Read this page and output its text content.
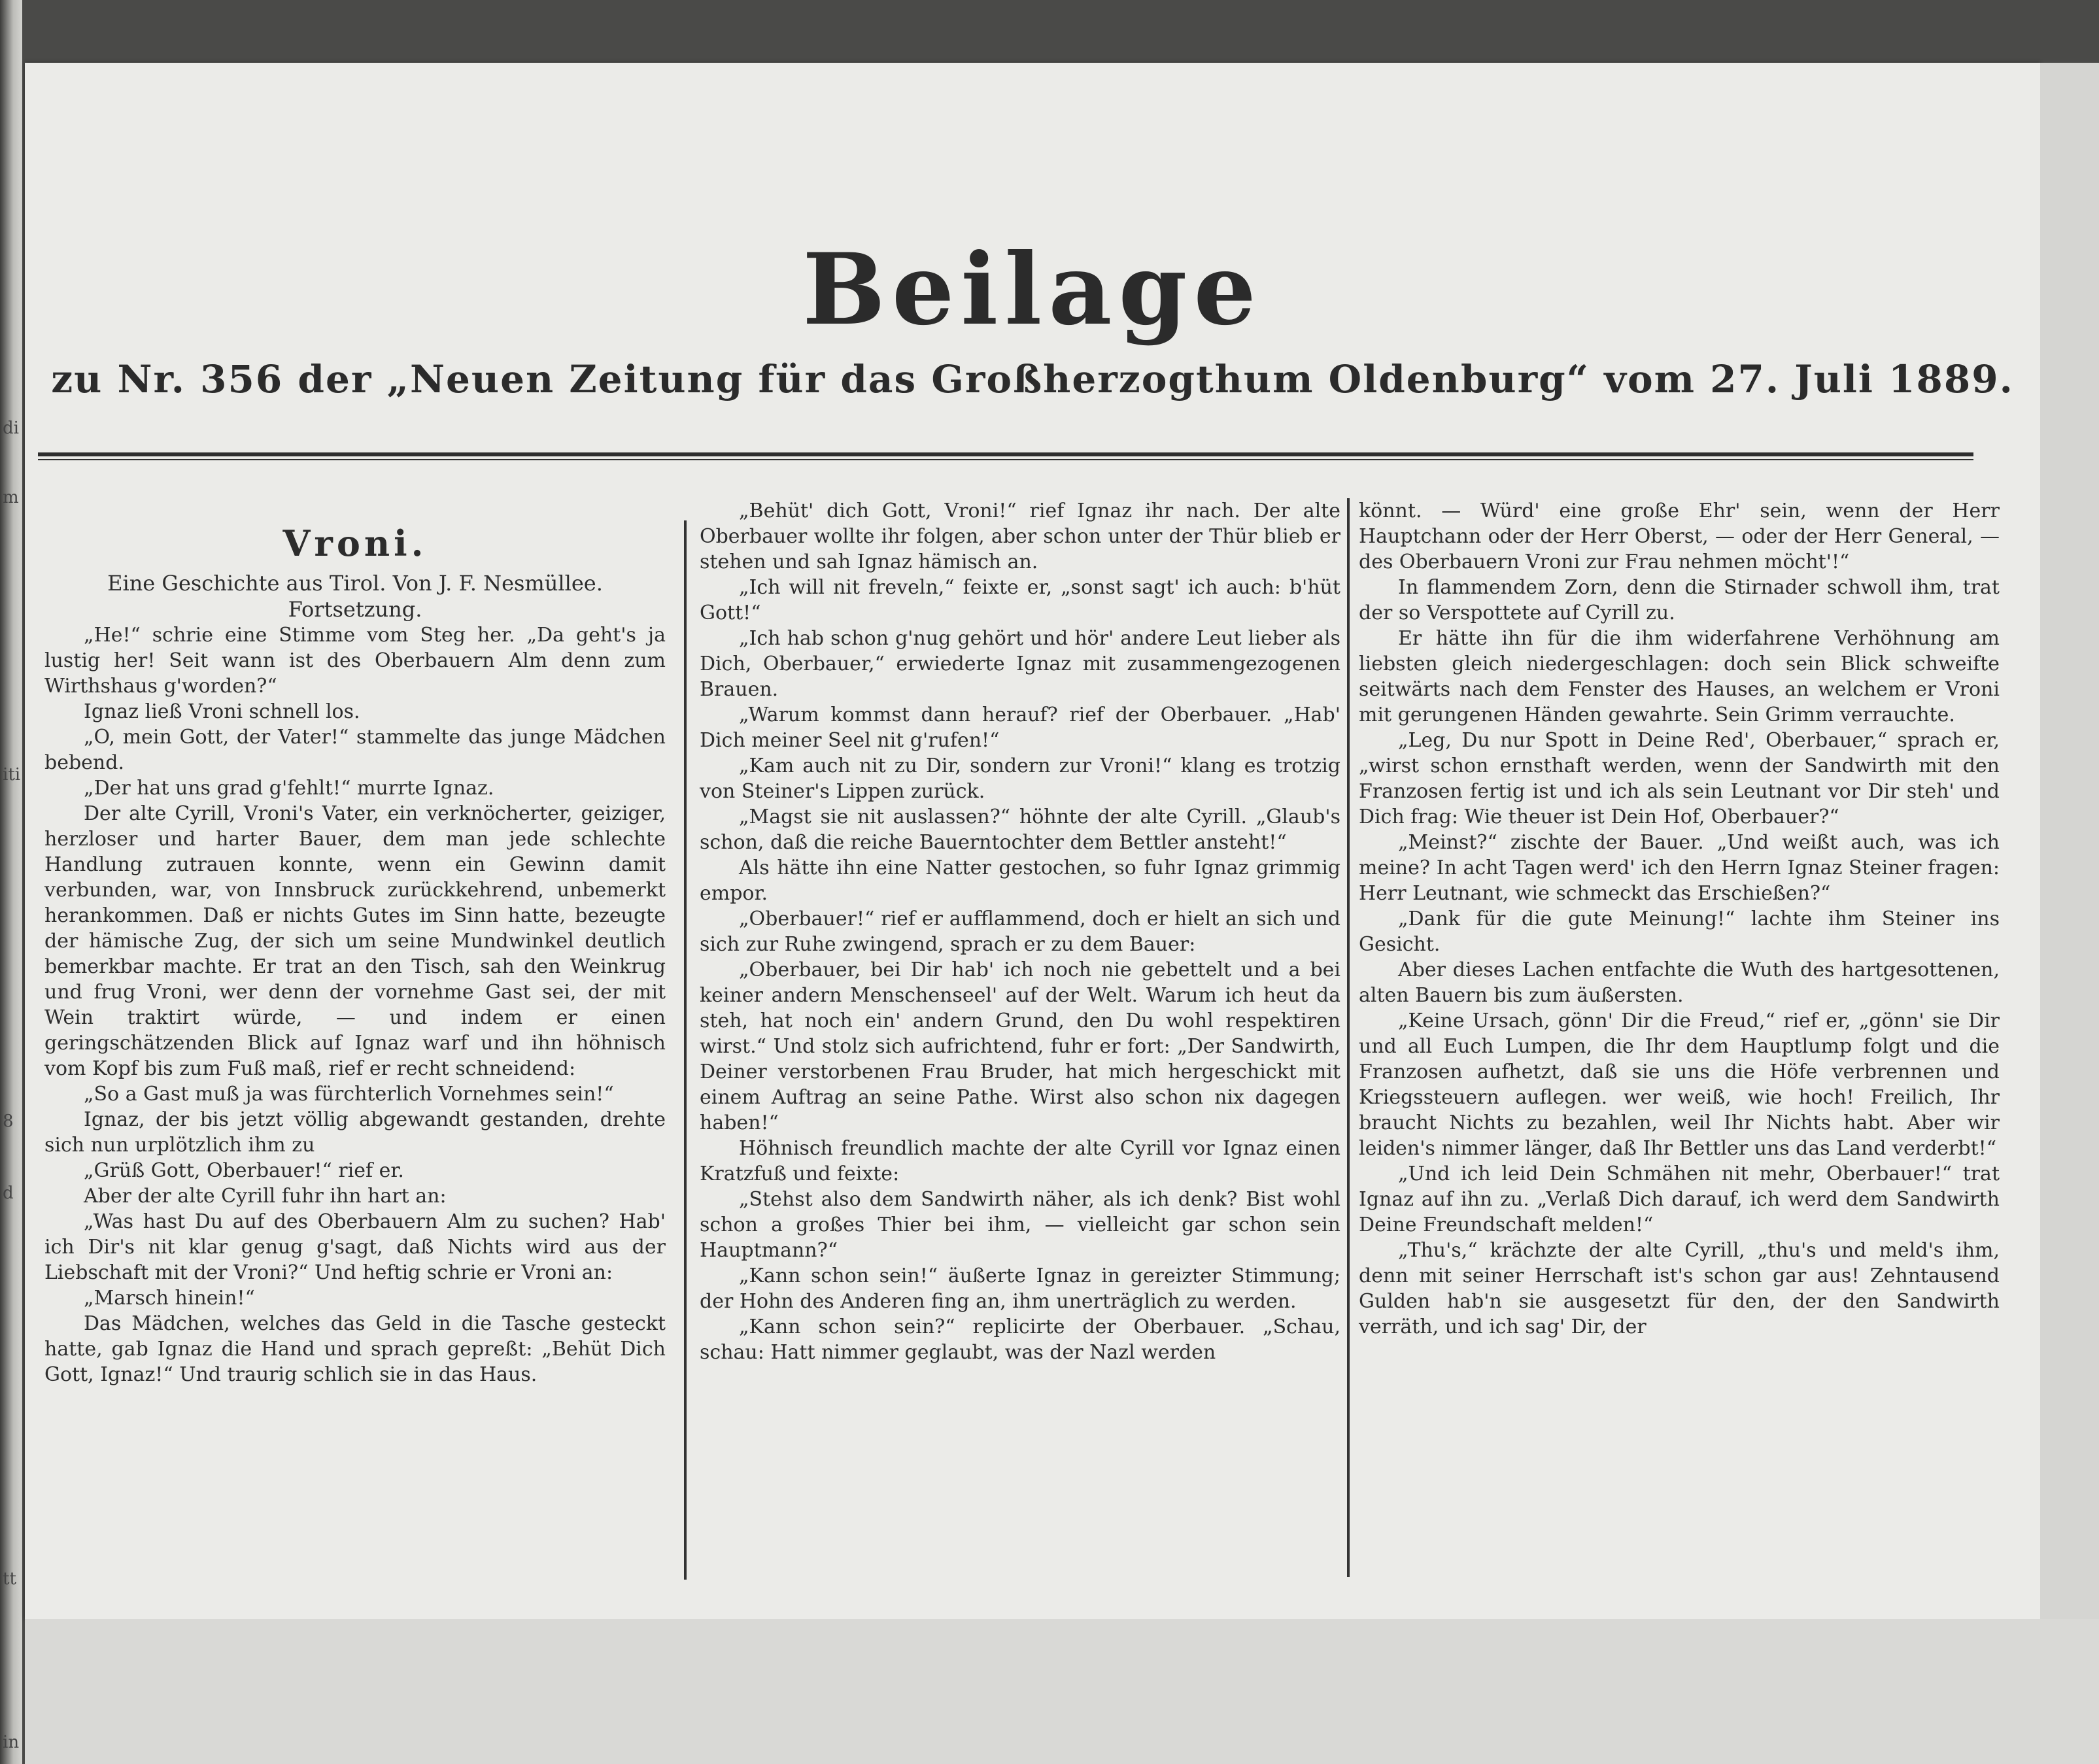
di
m
iti
8
d
tt
in
Beilage
zu Nr. 356 der „Neuen Zeitung für das Großherzogthum Oldenburg“ vom 27. Juli 1889.
Vroni.
Eine Geschichte aus Tirol. Von J. F. Nesmüllee.
Fortsetzung.

„He!“ schrie eine Stimme vom Steg her. „Da geht's ja lustig her! Seit wann ist des Oberbauern Alm denn zum Wirthshaus g'worden?“

Ignaz ließ Vroni schnell los.

„O, mein Gott, der Vater!“ stammelte das junge Mädchen bebend.

„Der hat uns grad g'fehlt!“ murrte Ignaz.

Der alte Cyrill, Vroni's Vater, ein verknöcherter, geiziger, herzloser und harter Bauer, dem man jede schlechte Handlung zutrauen konnte, wenn ein Gewinn damit verbunden, war, von Innsbruck zurückkehrend, unbemerkt herankommen. Daß er nichts Gutes im Sinn hatte, bezeugte der hämische Zug, der sich um seine Mundwinkel deutlich bemerkbar machte. Er trat an den Tisch, sah den Weinkrug und frug Vroni, wer denn der vornehme Gast sei, der mit Wein traktirt würde, — und indem er einen geringschätzenden Blick auf Ignaz warf und ihn höhnisch vom Kopf bis zum Fuß maß, rief er recht schneidend:

„So a Gast muß ja was fürchterlich Vornehmes sein!“

Ignaz, der bis jetzt völlig abgewandt gestanden, drehte sich nun urplötzlich ihm zu

„Grüß Gott, Oberbauer!“ rief er.

Aber der alte Cyrill fuhr ihn hart an:

„Was hast Du auf des Oberbauern Alm zu suchen? Hab' ich Dir's nit klar genug g'sagt, daß Nichts wird aus der Liebschaft mit der Vroni?“ Und heftig schrie er Vroni an:

„Marsch hinein!“

Das Mädchen, welches das Geld in die Tasche gesteckt hatte, gab Ignaz die Hand und sprach gepreßt: „Behüt Dich Gott, Ignaz!“ Und traurig schlich sie in das Haus.

„Behüt' dich Gott, Vroni!“ rief Ignaz ihr nach. Der alte Oberbauer wollte ihr folgen, aber schon unter der Thür blieb er stehen und sah Ignaz hämisch an.

„Ich will nit freveln,“ feixte er, „sonst sagt' ich auch: b'hüt Gott!“

„Ich hab schon g'nug gehört und hör' andere Leut lieber als Dich, Oberbauer,“ erwiederte Ignaz mit zusammengezogenen Brauen.

„Warum kommst dann herauf? rief der Oberbauer. „Hab' Dich meiner Seel nit g'rufen!“

„Kam auch nit zu Dir, sondern zur Vroni!“ klang es trotzig von Steiner's Lippen zurück.

„Magst sie nit auslassen?“ höhnte der alte Cyrill. „Glaub's schon, daß die reiche Bauerntochter dem Bettler ansteht!“

Als hätte ihn eine Natter gestochen, so fuhr Ignaz grimmig empor.

„Oberbauer!“ rief er aufflammend, doch er hielt an sich und sich zur Ruhe zwingend, sprach er zu dem Bauer:

„Oberbauer, bei Dir hab' ich noch nie gebettelt und a bei keiner andern Menschenseel' auf der Welt. Warum ich heut da steh, hat noch ein' andern Grund, den Du wohl respektiren wirst.“ Und stolz sich aufrichtend, fuhr er fort: „Der Sandwirth, Deiner verstorbenen Frau Bruder, hat mich hergeschickt mit einem Auftrag an seine Pathe. Wirst also schon nix dagegen haben!“

Höhnisch freundlich machte der alte Cyrill vor Ignaz einen Kratzfuß und feixte:

„Stehst also dem Sandwirth näher, als ich denk? Bist wohl schon a großes Thier bei ihm, — vielleicht gar schon sein Hauptmann?“

„Kann schon sein!“ äußerte Ignaz in gereizter Stimmung; der Hohn des Anderen fing an, ihm unerträglich zu werden.

„Kann schon sein?“ replicirte der Oberbauer. „Schau, schau: Hatt nimmer geglaubt, was der Nazl werden

könnt. — Würd' eine große Ehr' sein, wenn der Herr Hauptchann oder der Herr Oberst, — oder der Herr General, — des Oberbauern Vroni zur Frau nehmen möcht'!“

In flammendem Zorn, denn die Stirnader schwoll ihm, trat der so Verspottete auf Cyrill zu.

Er hätte ihn für die ihm widerfahrene Verhöhnung am liebsten gleich niedergeschlagen: doch sein Blick schweifte seitwärts nach dem Fenster des Hauses, an welchem er Vroni mit gerungenen Händen gewahrte. Sein Grimm verrauchte.

„Leg, Du nur Spott in Deine Red', Oberbauer,“ sprach er, „wirst schon ernsthaft werden, wenn der Sandwirth mit den Franzosen fertig ist und ich als sein Leutnant vor Dir steh' und Dich frag: Wie theuer ist Dein Hof, Oberbauer?“

„Meinst?“ zischte der Bauer. „Und weißt auch, was ich meine? In acht Tagen werd' ich den Herrn Ignaz Steiner fragen: Herr Leutnant, wie schmeckt das Erschießen?“

„Dank für die gute Meinung!“ lachte ihm Steiner ins Gesicht.

Aber dieses Lachen entfachte die Wuth des hartgesottenen, alten Bauern bis zum äußersten.

„Keine Ursach, gönn' Dir die Freud,“ rief er, „gönn' sie Dir und all Euch Lumpen, die Ihr dem Hauptlump folgt und die Franzosen aufhetzt, daß sie uns die Höfe verbrennen und Kriegssteuern auflegen. wer weiß, wie hoch! Freilich, Ihr braucht Nichts zu bezahlen, weil Ihr Nichts habt. Aber wir leiden's nimmer länger, daß Ihr Bettler uns das Land verderbt!“

„Und ich leid Dein Schmähen nit mehr, Oberbauer!“ trat Ignaz auf ihn zu. „Verlaß Dich darauf, ich werd dem Sandwirth Deine Freundschaft melden!“

„Thu's,“ krächzte der alte Cyrill, „thu's und meld's ihm, denn mit seiner Herrschaft ist's schon gar aus! Zehntausend Gulden hab'n sie ausgesetzt für den, der den Sandwirth verräth, und ich sag' Dir, der
